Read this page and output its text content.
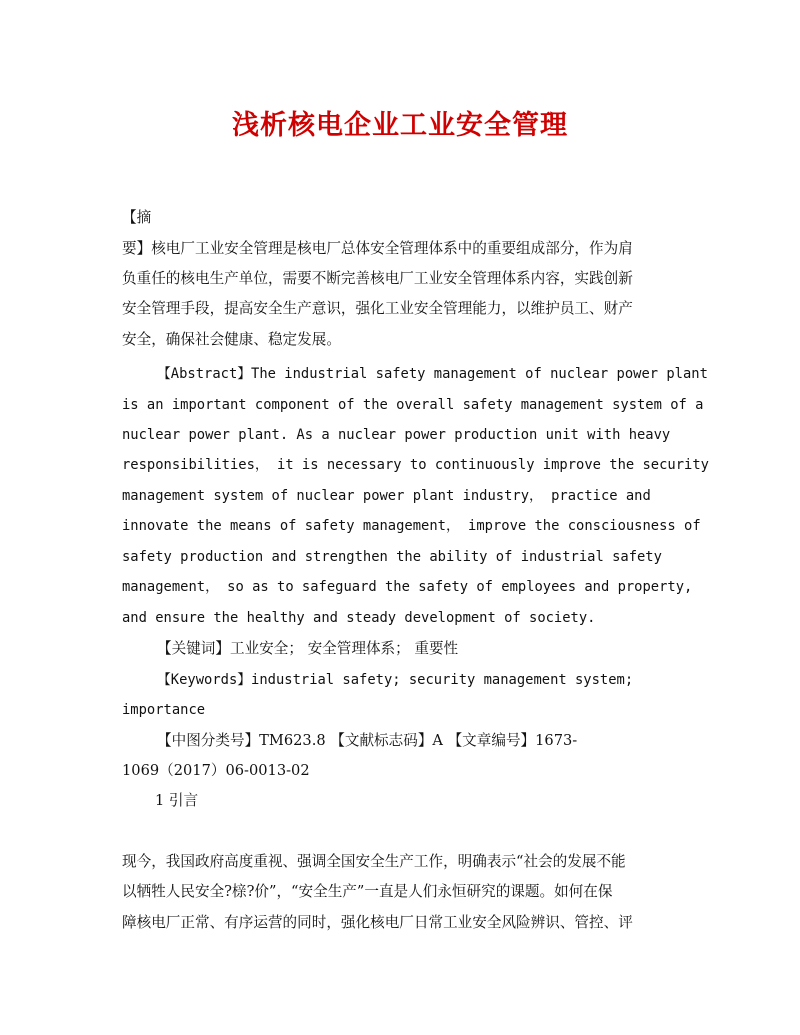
浅析核电企业工业安全管理
【摘
要】核电厂工业安全管理是核电厂总体安全管理体系中的重要组成部分，作为肩
负重任的核电生产单位，需要不断完善核电厂工业安全管理体系内容，实践创新
安全管理手段，提高安全生产意识，强化工业安全管理能力，以维护员工、财产
安全，确保社会健康、稳定发展。
【Abstract】The industrial safety management of nuclear power plant
is an important component of the overall safety management system of a
nuclear power plant. As a nuclear power production unit with heavy
responsibilities， it is necessary to continuously improve the security
management system of nuclear power plant industry， practice and
innovate the means of safety management， improve the consciousness of
safety production and strengthen the ability of industrial safety
management， so as to safeguard the safety of employees and property,
and ensure the healthy and steady development of society.
【关键词】工业安全； 安全管理体系； 重要性
【Keywords】industrial safety; security management system;
importance
【中图分类号】TM623.8 【文献标志码】A 【文章编号】1673-
1069（2017）06-0013-02
1 引言
现今，我国政府高度重视、强调全国安全生产工作，明确表示“社会的发展不能
以牺牲人民安全?榇?价”，“安全生产”一直是人们永恒研究的课题。如何在保
障核电厂正常、有序运营的同时，强化核电厂日常工业安全风险辨识、管控、评
